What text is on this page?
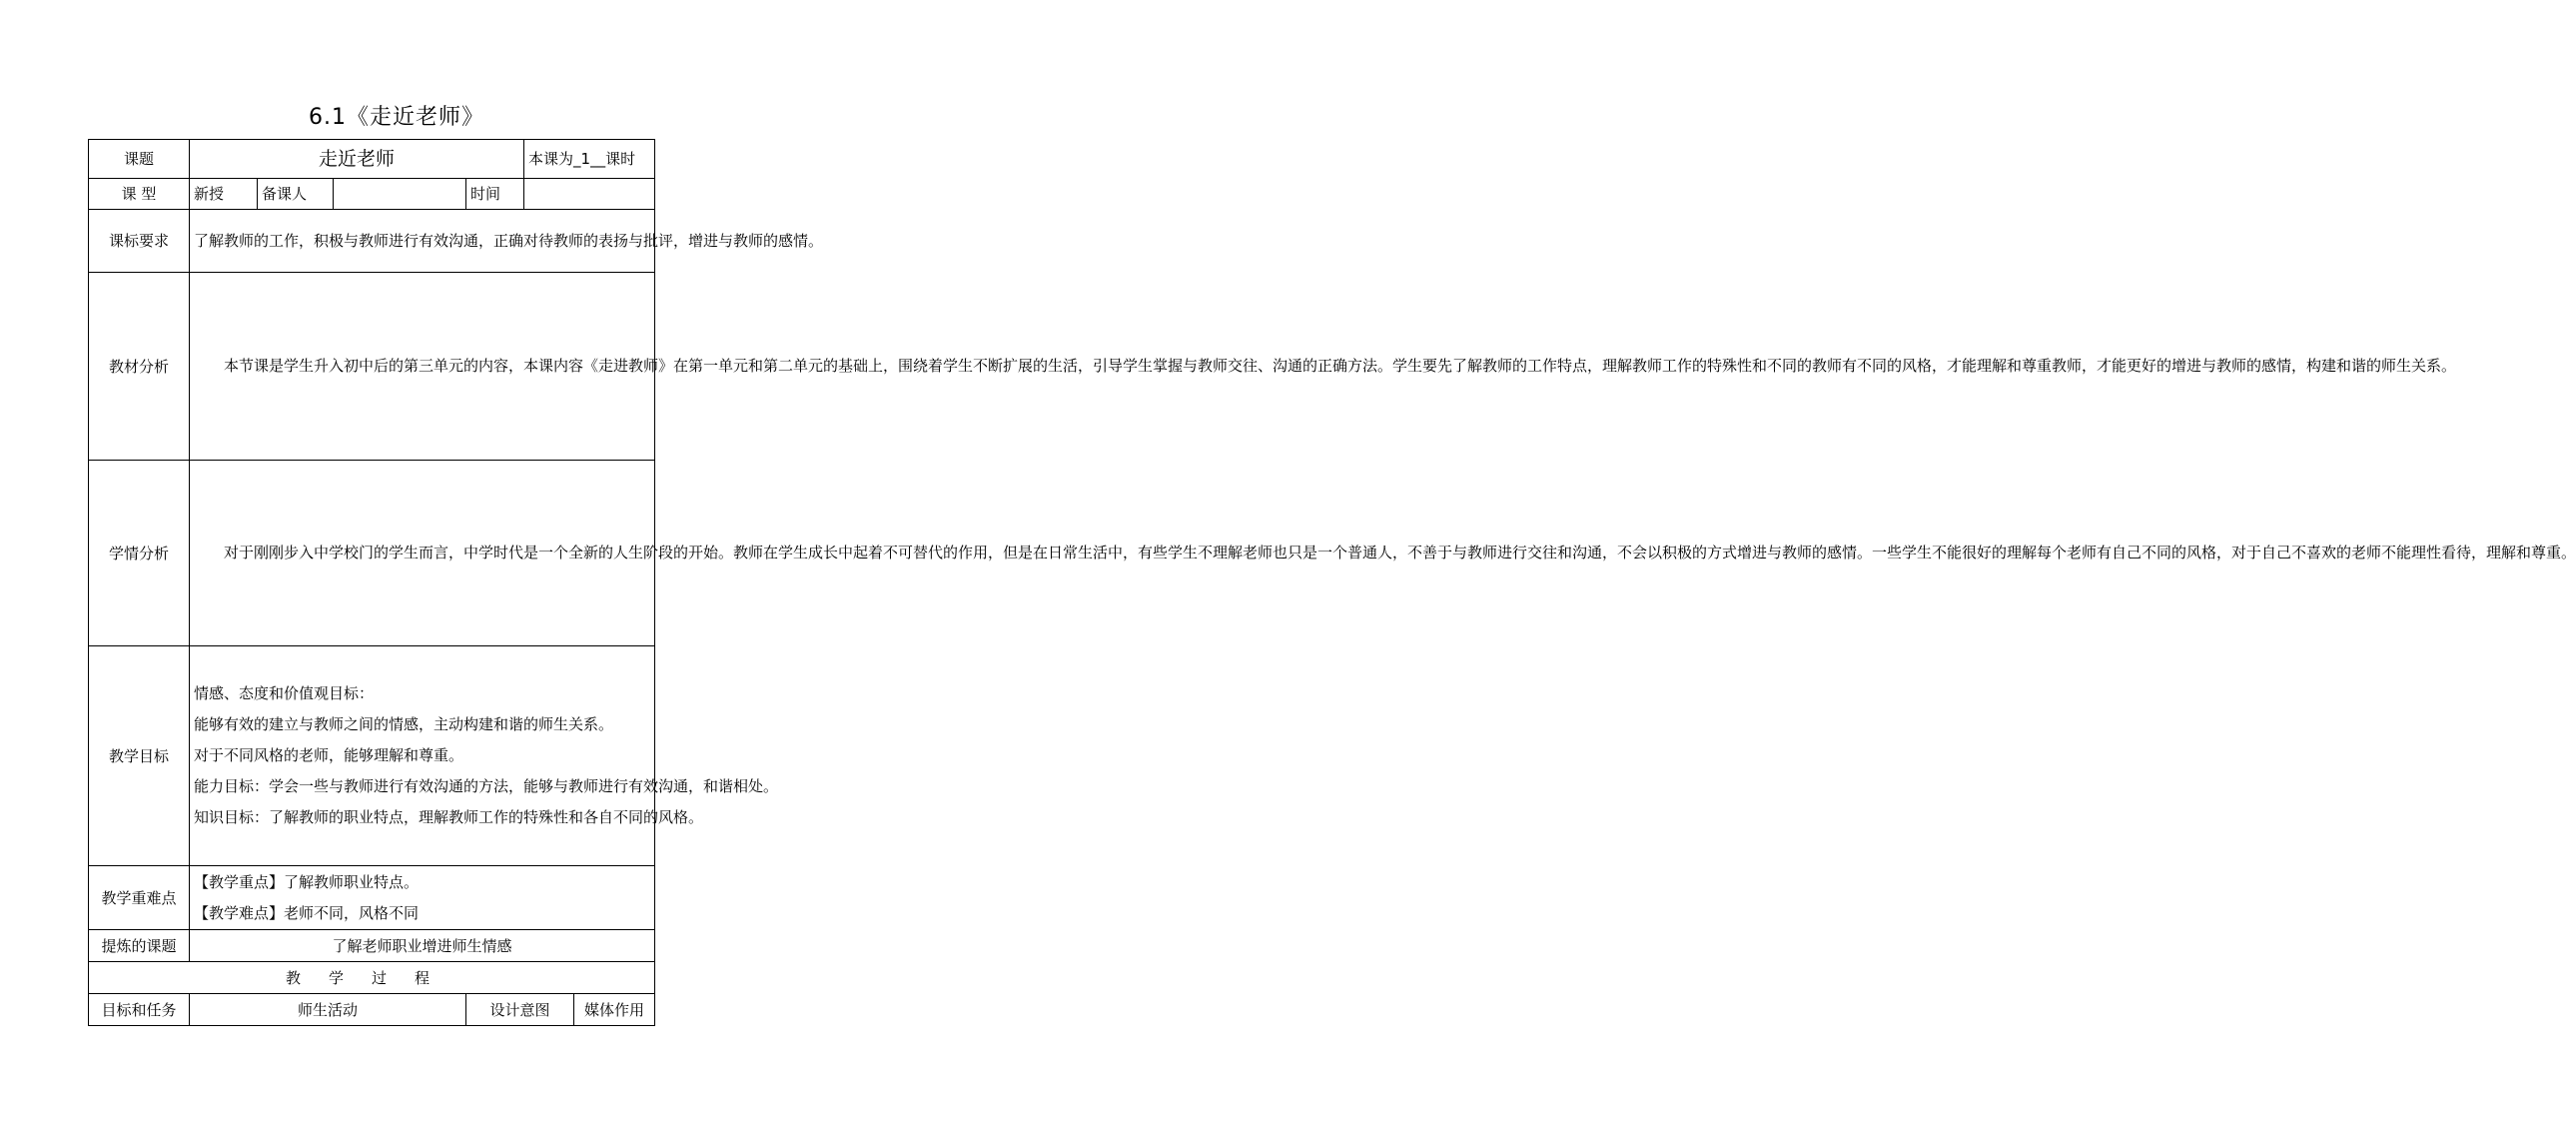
6.1《走近老师》
课题	走近老师				本课为_1__课时	
课 型	新授	备课人		时间		
课标要求	了解教师的工作，积极与教师进行有效沟通，正确对待教师的表扬与批评，增进与教师的感情。					
教材分析	本节课是学生升入初中后的第三单元的内容，本课内容《走进教师》在第一单元和第二单元的基础上，围绕着学生不断扩展的生活，引导学生掌握与教师交往、沟通的正确方法。学生要先了解教师的工作特点，理解教师工作的特殊性和不同的教师有不同的风格，才能理解和尊重教师，才能更好的增进与教师的感情，构建和谐的师生关系。					
学情分析	对于刚刚步入中学校门的学生而言，中学时代是一个全新的人生阶段的开始。教师在学生成长中起着不可替代的作用，但是在日常生活中，有些学生不理解老师也只是一个普通人，不善于与教师进行交往和沟通，不会以积极的方式增进与教师的感情。一些学生不能很好的理解每个老师有自己不同的风格，对于自己不喜欢的老师不能理性看待，理解和尊重。					
教学目标	情感、态度和价值观目标：
能够有效的建立与教师之间的情感，主动构建和谐的师生关系。
对于不同风格的老师，能够理解和尊重。
能力目标：学会一些与教师进行有效沟通的方法，能够与教师进行有效沟通，和谐相处。
知识目标：了解教师的职业特点，理解教师工作的特殊性和各自不同的风格。					

教学重难点	【教学重点】了解教师职业特点。
【教学难点】老师不同，风格不同					

提炼的课题	了解老师职业增进师生情感					
教学过程						
目标和任务	师生活动			设计意图		媒体作用
